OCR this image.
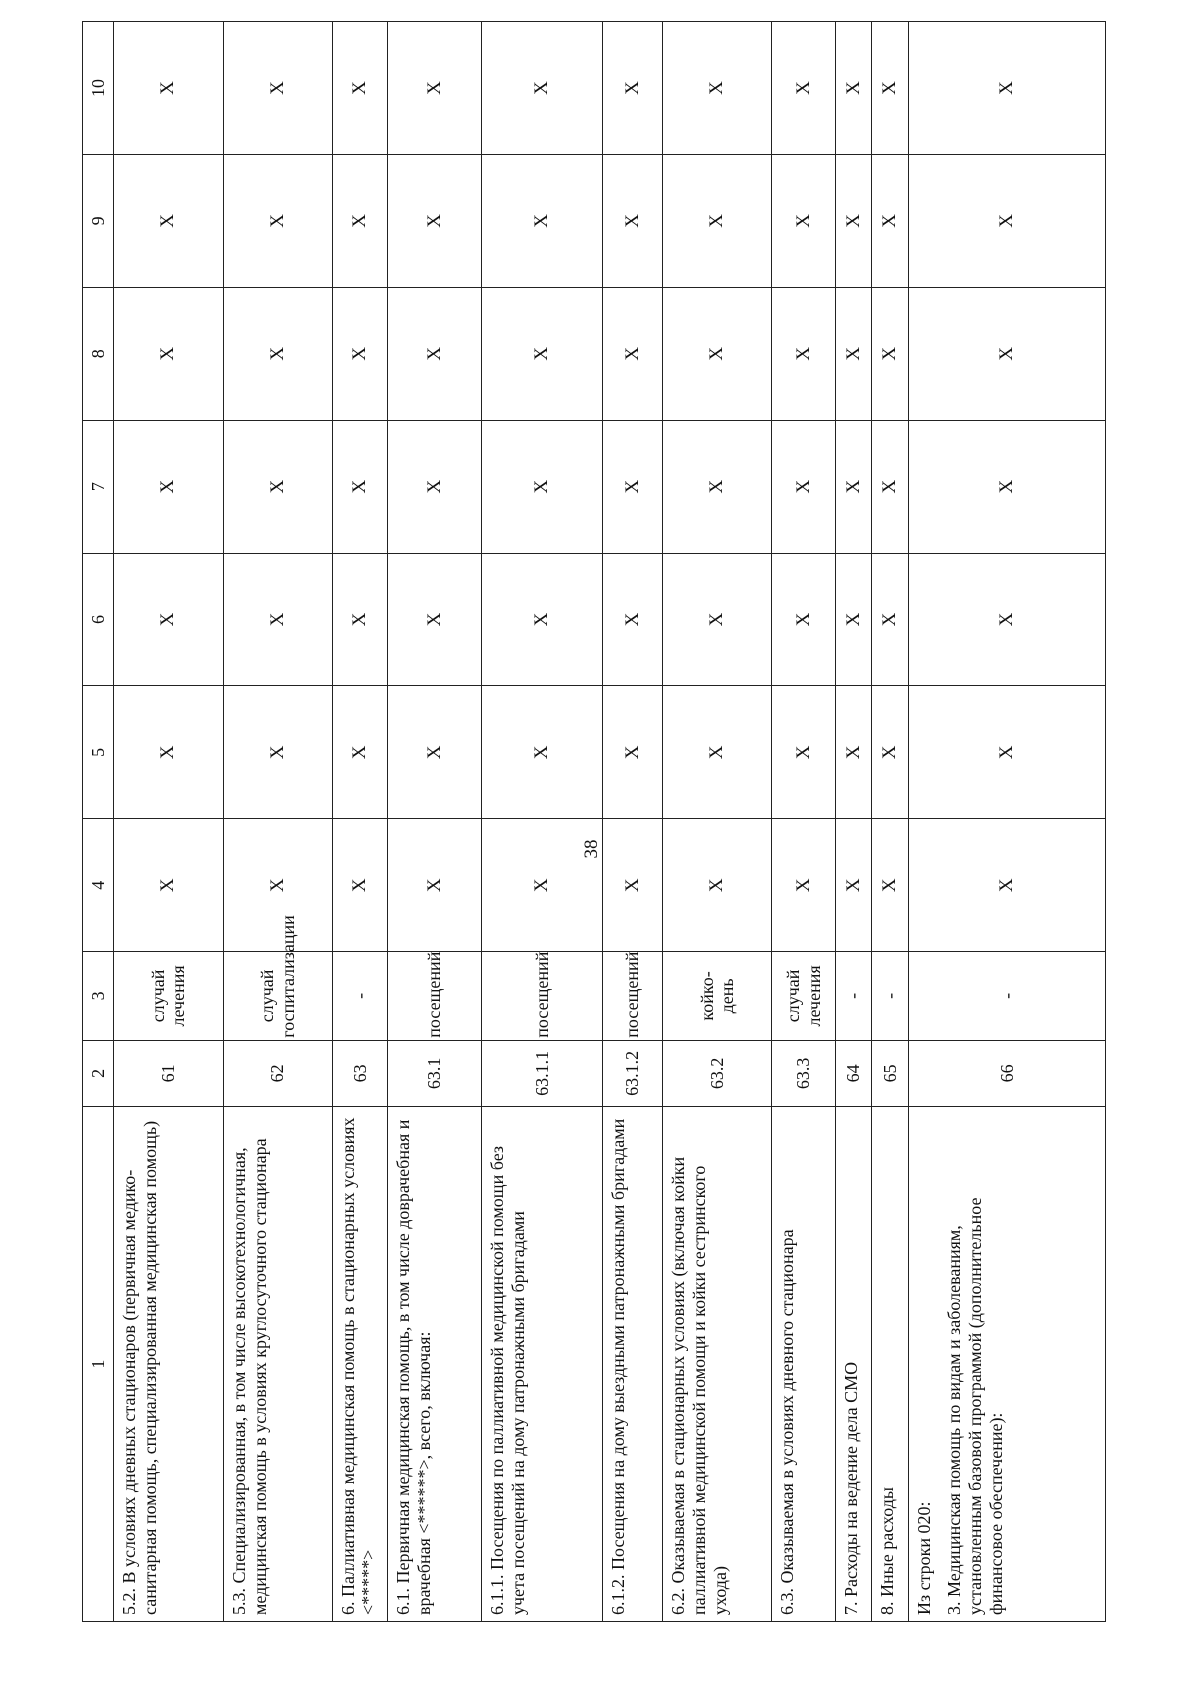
38
1	2	3	4	5	6	7	8	9	10
5.2. В условиях дневных стационаров (первичная медико-санитарная помощь, специализированная медицинская помощь)	61	случай лечения	X	X	X	X	X	X	X
5.3. Специализированная, в том числе высокотехнологичная, медицинская помощь в условиях круглосуточного стационара	62	случай госпитализации	X	X	X	X	X	X	X
6. Паллиативная медицинская помощь в стационарных условиях <*****>	63	-	X	X	X	X	X	X	X
6.1. Первичная медицинская помощь, в том числе доврачебная и врачебная <******>, всего, включая:	63.1	посещений	X	X	X	X	X	X	X
6.1.1. Посещения по паллиативной медицинской помощи без учета посещений на дому патронажными бригадами	63.1.1	посещений	X	X	X	X	X	X	X
6.1.2. Посещения на дому выездными патронажными бригадами	63.1.2	посещений	X	X	X	X	X	X	X
6.2. Оказываемая в стационарных условиях (включая койки паллиативной медицинской помощи и койки сестринского ухода)	63.2	койко-день	X	X	X	X	X	X	X
6.3. Оказываемая в условиях дневного стационара	63.3	случай лечения	X	X	X	X	X	X	X
7. Расходы на ведение дела СМО	64	-	X	X	X	X	X	X	X
8. Иные расходы	65	-	X	X	X	X	X	X	X

Из строки 020: 3. Медицинская помощь по видам и заболеваниям, установленным базовой программой (дополнительное финансовое обеспечение):	66	-	X	X	X	X	X	X	X
